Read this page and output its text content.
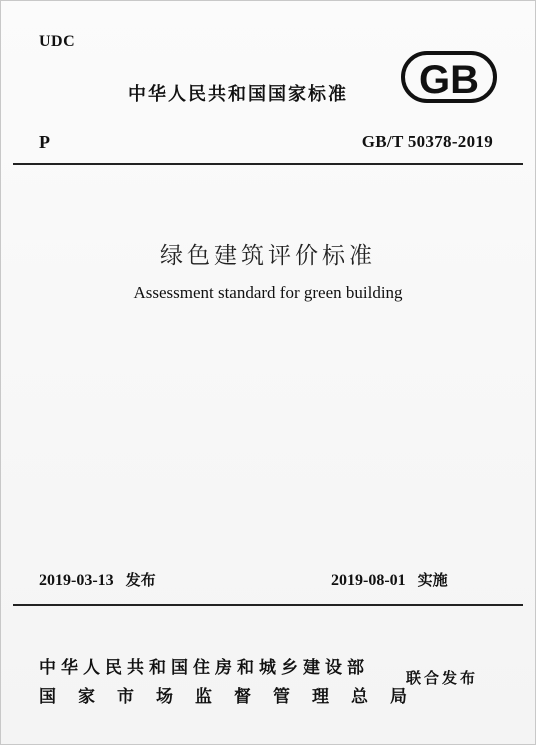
UDC
中华人民共和国国家标准 GB
P	GB/T 50378-2019
绿色建筑评价标准
Assessment standard for green building
2019-03-13 发布	2019-08-01 实施
中华人民共和国住房和城乡建设部
国家市场监督管理总局
联合发布
